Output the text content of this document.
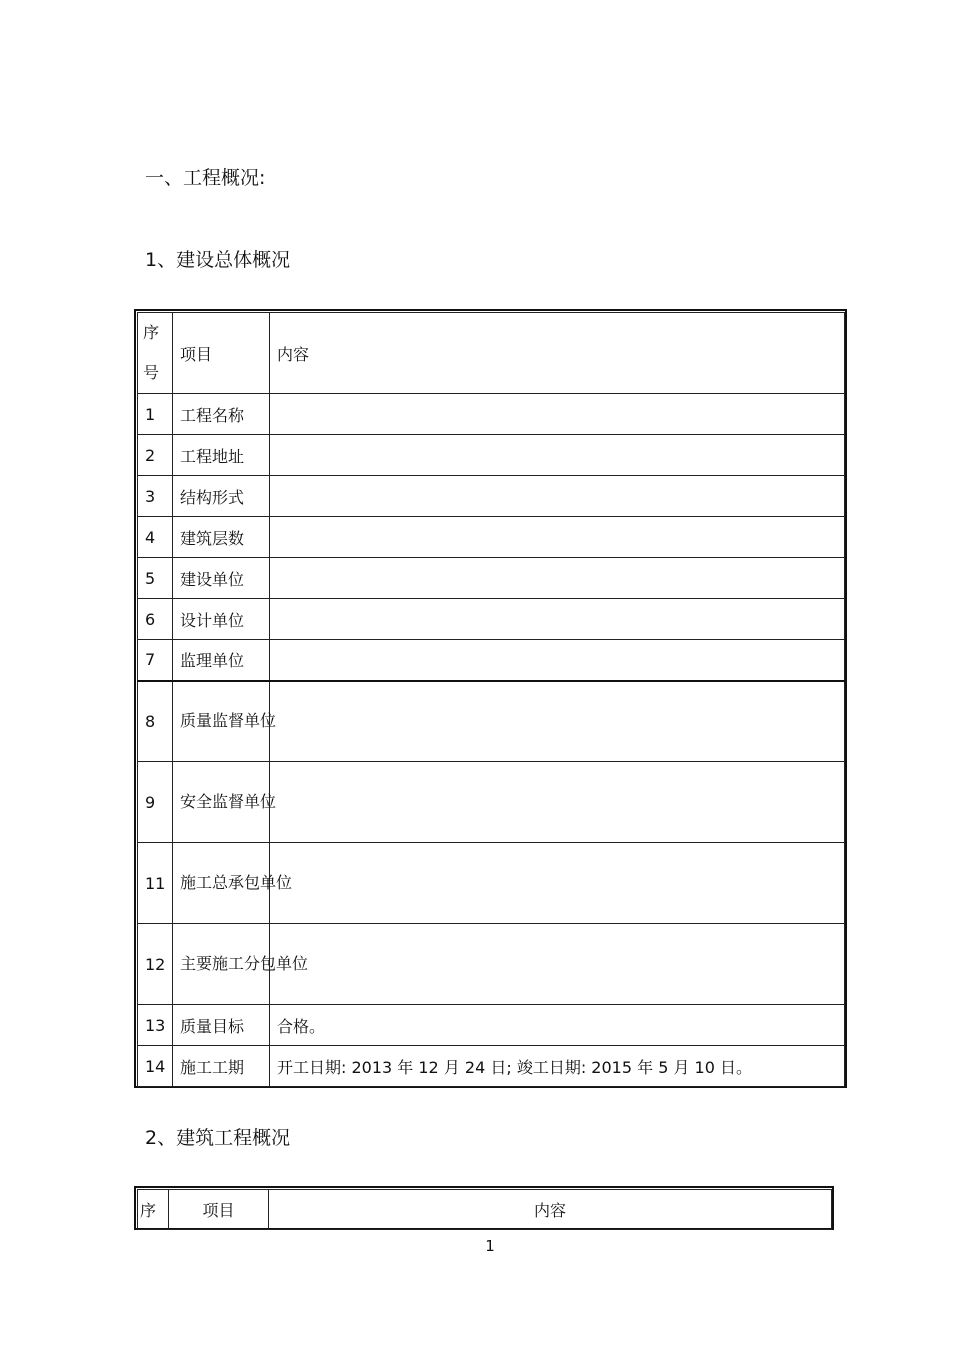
一、工程概况:
1、建设总体概况
序号	项目	内容
1	工程名称	
2	工程地址	
3	结构形式	
4	建筑层数	
5	建设单位	
6	设计单位	
7	监理单位	
8	质量监督单位	
9	安全监督单位	
11	施工总承包单位	
12	主要施工分包单位	
13	质量目标	合格。
14	施工工期	开工日期: 2013 年 12 月 24 日; 竣工日期: 2015 年 5 月 10 日。
2、建筑工程概况
序	项目	内容
1
